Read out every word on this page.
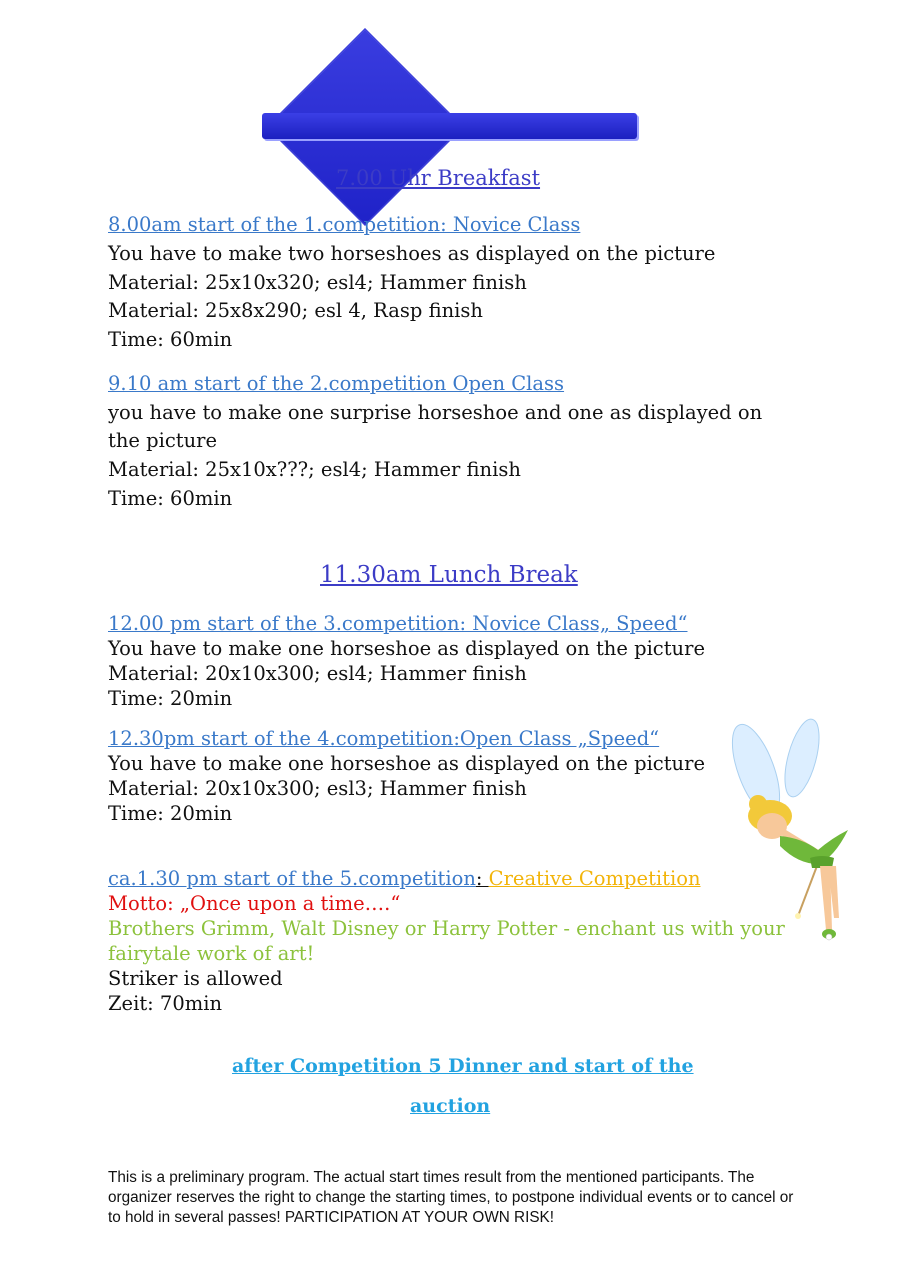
7.00 Uhr Breakfast
8.00am start of the 1.competition: Novice Class
You have to make two horseshoes as displayed on the picture
Material: 25x10x320; esl4; Hammer finish
Material: 25x8x290; esl 4, Rasp finish
Time: 60min
9.10 am start of the 2.competition Open Class
you have to make one surprise horseshoe and one as displayed on
the picture
Material: 25x10x???; esl4; Hammer finish
Time: 60min
11.30am Lunch Break
12.00 pm start of the 3.competition: Novice Class„ Speed“
You have to make one horseshoe as displayed on the picture
Material: 20x10x300; esl4; Hammer finish
Time: 20min
12.30pm start of the 4.competition:Open Class „Speed“
You have to make one horseshoe as displayed on the picture
Material: 20x10x300; esl3; Hammer finish
Time: 20min
ca.1.30 pm start of the 5.competition: Creative Competition
Motto: „Once upon a time….“
Brothers Grimm, Walt Disney or Harry Potter - enchant us with your
fairytale work of art!
Striker is allowed
Zeit: 70min
after Competition 5 Dinner and start of the
auction
This is a preliminary program. The actual start times result from the mentioned participants. The organizer reserves the right to change the starting times, to postpone individual events or to cancel or to hold in several passes! PARTICIPATION AT YOUR OWN RISK!
